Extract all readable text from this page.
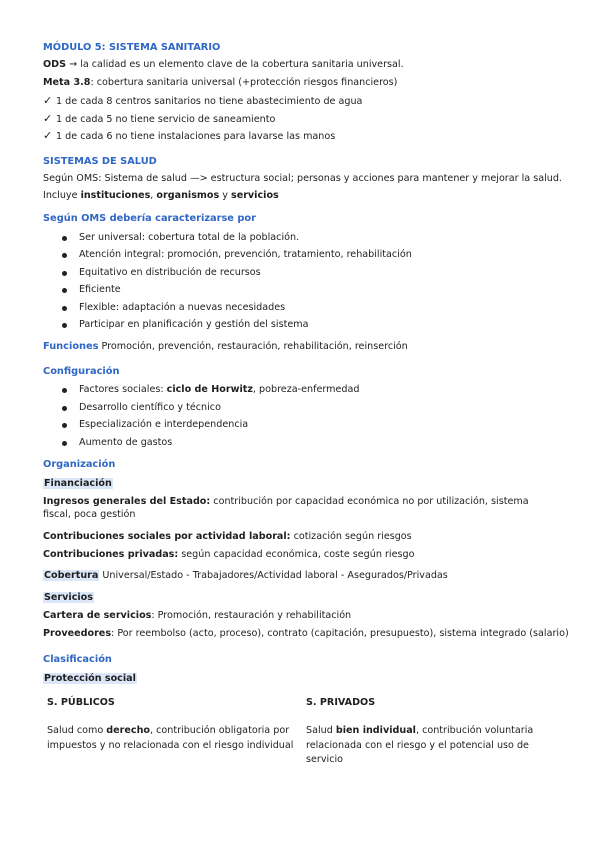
MÓDULO 5: SISTEMA SANITARIO
ODS → la calidad es un elemento clave de la cobertura sanitaria universal.
Meta 3.8: cobertura sanitaria universal (+protección riesgos financieros)
✓ 1 de cada 8 centros sanitarios no tiene abastecimiento de agua
✓ 1 de cada 5 no tiene servicio de saneamiento
✓ 1 de cada 6 no tiene instalaciones para lavarse las manos
SISTEMAS DE SALUD
Según OMS: Sistema de salud —> estructura social; personas y acciones para mantener y mejorar la salud.
Incluye instituciones, organismos y servicios
Según OMS debería caracterizarse por
Ser universal: cobertura total de la población.
Atención integral: promoción, prevención, tratamiento, rehabilitación
Equitativo en distribución de recursos
Eficiente
Flexible: adaptación a nuevas necesidades
Participar en planificación y gestión del sistema
Funciones Promoción, prevención, restauración, rehabilitación, reinserción
Configuración
Factores sociales: ciclo de Horwitz, pobreza-enfermedad
Desarrollo científico y técnico
Especialización e interdependencia
Aumento de gastos
Organización
Financiación
Ingresos generales del Estado: contribución por capacidad económica no por utilización, sistema fiscal, poca gestión
Contribuciones sociales por actividad laboral: cotización según riesgos
Contribuciones privadas: según capacidad económica, coste según riesgo
Cobertura Universal/Estado - Trabajadores/Actividad laboral - Asegurados/Privadas
Servicios
Cartera de servicios: Promoción, restauración y rehabilitación
Proveedores: Por reembolso (acto, proceso), contrato (capitación, presupuesto), sistema integrado (salario)
Clasificación
Protección social
S. PÚBLICOS
Salud como derecho, contribución obligatoria por impuestos y no relacionada con el riesgo individual
S. PRIVADOS
Salud bien individual, contribución voluntaria relacionada con el riesgo y el potencial uso de servicio
